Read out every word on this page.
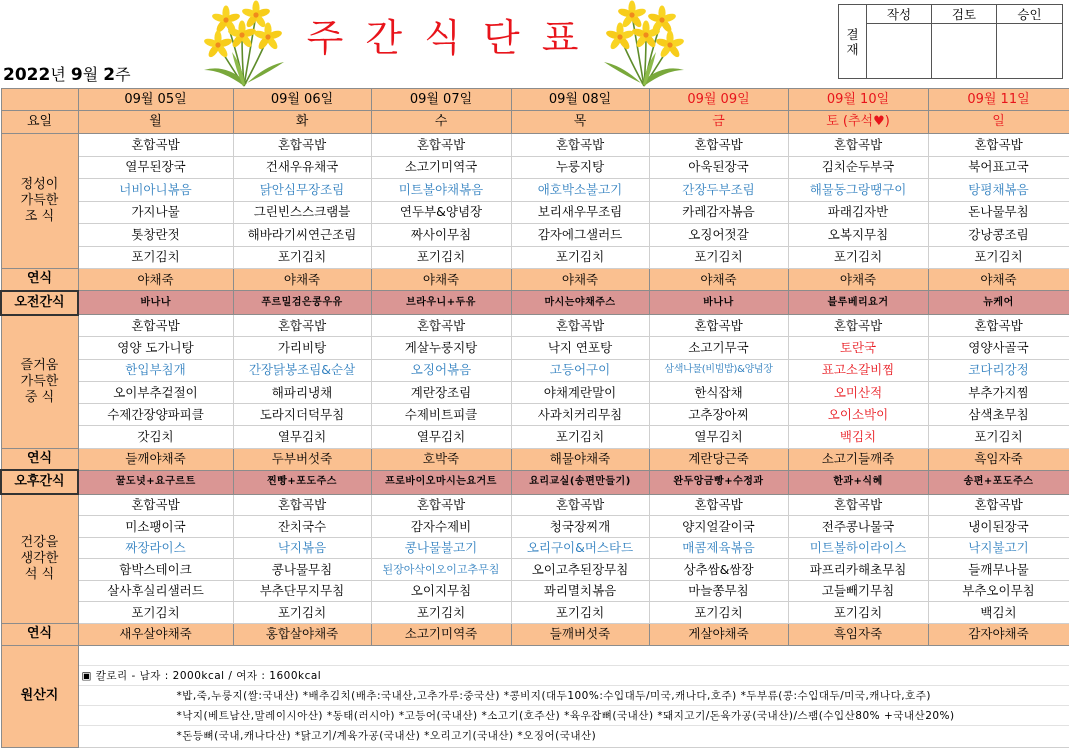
주 간 식 단 표	결
재	작성	검토	승인

2022년 9월 2주
	09월 05일	09월 06일	09월 07일	09월 08일	09월 09일	09월 10일	09월 11일
요일	월	화	수	목	금	토 (추석♥)	일

정성이
가득한
조 식	혼합곡밥	혼합곡밥	혼합곡밥	혼합곡밥	혼합곡밥	혼합곡밥	혼합곡밥
	열무된장국	건새우유채국	소고기미역국	누룽지탕	아욱된장국	김치순두부국	북어표고국
	너비아니볶음	닭안심무장조림	미트볼야채볶음	애호박소불고기	간장두부조림	해물동그랑땡구이	탕평채볶음
	가지나물	그린빈스스크램블	연두부&양념장	보리새우무조림	카레감자볶음	파래김자반	돈나물무침
	톳창란젓	해바라기씨연근조림	짜사이무침	감자에그샐러드	오징어젓갈	오복지무침	강낭콩조림
	포기김치	포기김치	포기김치	포기김치	포기김치	포기김치	포기김치
연식	야채죽	야채죽	야채죽	야채죽	야채죽	야채죽	야채죽
오전간식	바나나	푸르밀검은콩우유	브라우니+두유	마시는야채주스	바나나	블루베리요거	뉴케어

즐거움
가득한
중 식	혼합곡밥	혼합곡밥	혼합곡밥	혼합곡밥	혼합곡밥	혼합곡밥	혼합곡밥
	영양 도가니탕	가리비탕	게살누룽지탕	낙지 연포탕	소고기무국	토란국	영양사골국
	한입부침개	간장닭봉조림&순살	오징어볶음	고등어구이	삼색나물(비빔밥)&양념장	표고소갈비찜	코다리강정
	오이부추겉절이	해파리냉채	계란장조림	야채계란말이	한식잡채	오미산적	부추가지찜
	수제간장양파피클	도라지더덕무침	수제비트피클	사과치커리무침	고추장아찌	오이소박이	삼색초무침
	갓김치	열무김치	열무김치	포기김치	열무김치	백김치	포기김치
연식	들깨야채죽	두부버섯죽	호박죽	해물야채죽	계란당근죽	소고기들깨죽	흑임자죽
오후간식	꿀도넛+요구르트	찐빵+포도주스	프로바이오마시는요거트	요리교실(송편만들기)	완두앙금빵+수정과	한과+식혜	송편+포도주스

건강을
생각한
석 식	혼합곡밥	혼합곡밥	혼합곡밥	혼합곡밥	혼합곡밥	혼합곡밥	혼합곡밥
	미소팽이국	잔치국수	감자수제비	청국장찌개	양지얼갈이국	전주콩나물국	냉이된장국
	짜장라이스	낙지볶음	콩나물불고기	오리구이&머스타드	매콤제육볶음	미트볼하이라이스	낙지불고기
	함박스테이크	콩나물무침	된장아삭이오이고추무침	오이고추된장무침	상추쌈&쌈장	파프리카해초무침	들깨무나물
	살사후실리샐러드	부추단무지무침	오이지무침	꽈리멸치볶음	마늘쫑무침	고들빼기무침	부추오이무침
	포기김치	포기김치	포기김치	포기김치	포기김치	포기김치	백김치
연식	새우살야채죽	홍합살야채죽	소고기미역죽	들깨버섯죽	게살야채죽	흑임자죽	감자야채죽
원산지	▣ 칼로리 - 남자 : 2000kcal / 여자 : 1600kcal
*밥,죽,누룽지(쌀:국내산) *배추김치(배추:국내산,고추가루:중국산) *콩비지(대두100%:수입대두/미국,캐나다,호주) *두부류(콩:수입대두/미국,캐나다,호주)
*낙지(베트남산,말레이시아산) *동태(러시아) *고등어(국내산) *소고기(호주산) *육우잡뼈(국내산) *돼지고기/돈육가공(국내산)/스팸(수입산80% +국내산20%)
*돈등뼈(국내,캐나다산) *닭고기/계육가공(국내산) *오리고기(국내산) *오징어(국내산)						
